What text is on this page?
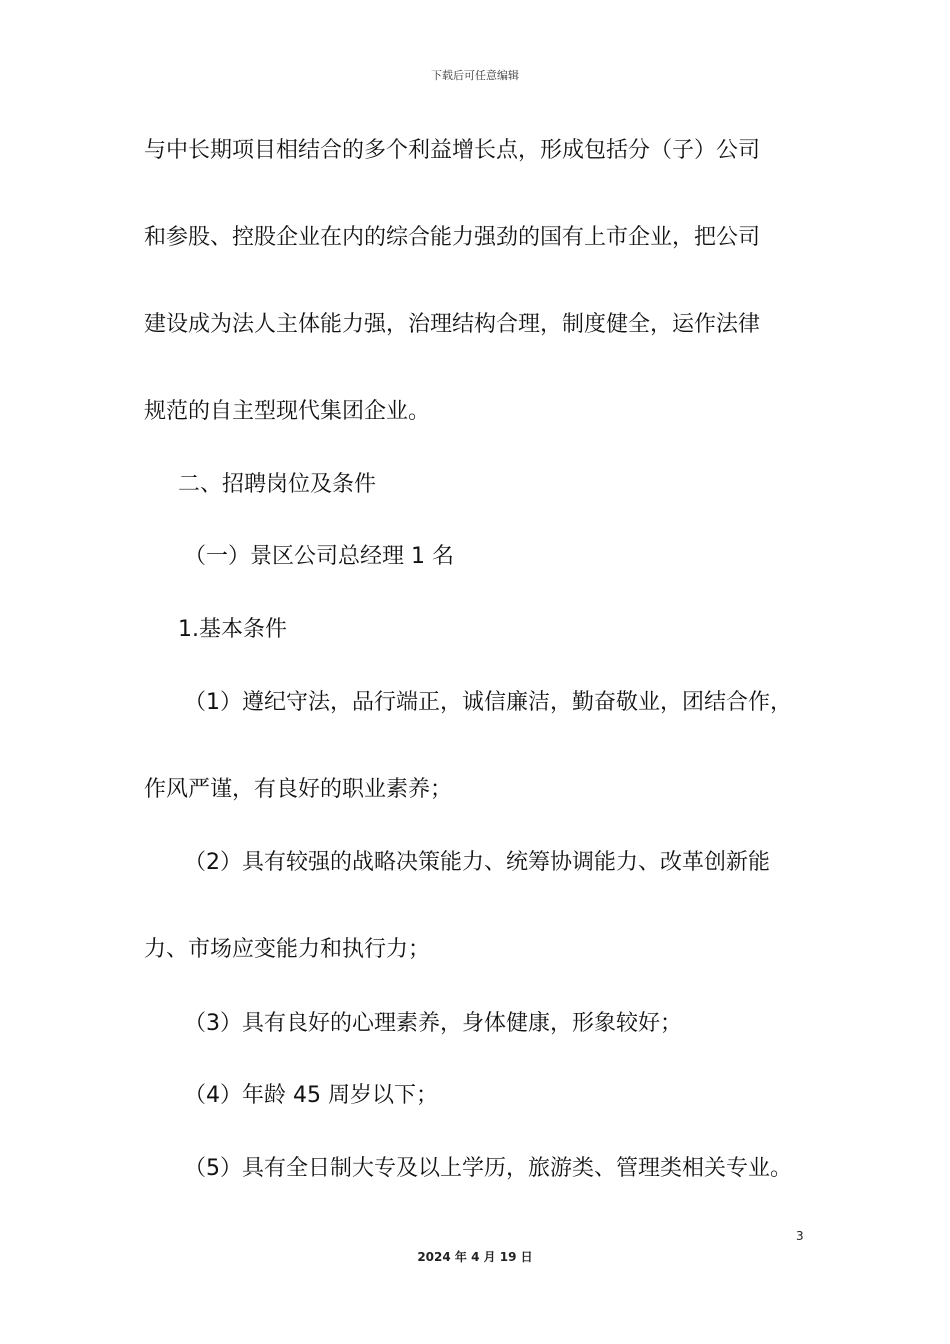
下载后可任意编辑
与中长期项目相结合的多个利益增长点，形成包括分（子）公司
和参股、控股企业在内的综合能力强劲的国有上市企业，把公司
建设成为法人主体能力强，治理结构合理，制度健全，运作法律
规范的自主型现代集团企业。
二、招聘岗位及条件
（一）景区公司总经理 1 名
1.基本条件
（1）遵纪守法，品行端正，诚信廉洁，勤奋敬业，团结合作，
作风严谨，有良好的职业素养；
（2）具有较强的战略决策能力、统筹协调能力、改革创新能
力、市场应变能力和执行力；
（3）具有良好的心理素养，身体健康，形象较好；
（4）年龄 45 周岁以下；
（5）具有全日制大专及以上学历，旅游类、管理类相关专业。
3
2024 年 4 月 19 日
